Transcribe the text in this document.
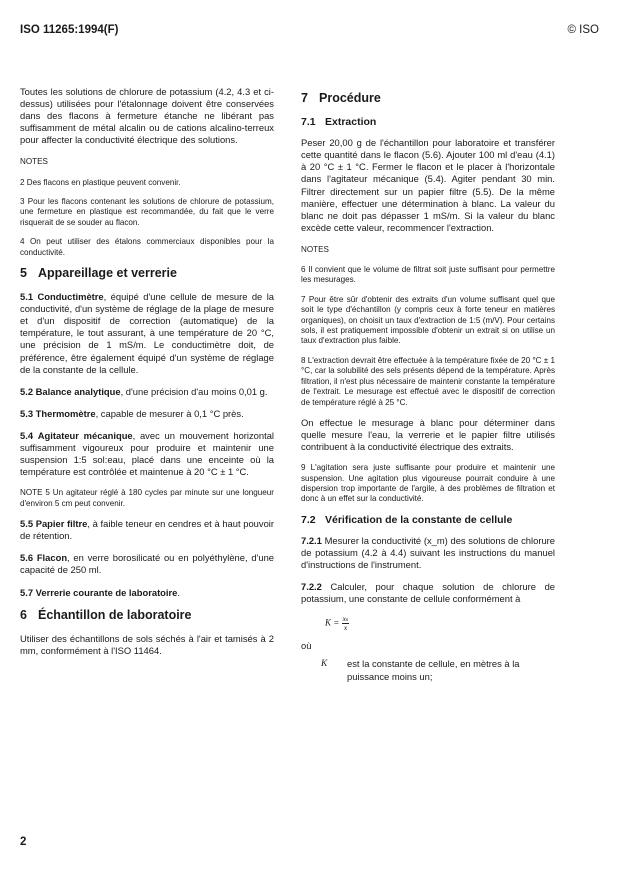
ISO 11265:1994(F)	© ISO

Toutes les solutions de chlorure de potassium (4.2, 4.3 et ci-dessus) utilisées pour l'étalonnage doivent être conservées dans des flacons à fermeture étanche ne libérant pas suffisamment de métal alcalin ou de cations alcalino-terreux pour affecter la conductivité électrique des solutions.

NOTES

2 Des flacons en plastique peuvent convenir.

3 Pour les flacons contenant les solutions de chlorure de potassium, une fermeture en plastique est recommandée, du fait que le verre risquerait de se souder au flacon.

4 On peut utiliser des étalons commerciaux disponibles pour la conductivité.

5 Appareillage et verrerie

5.1 Conductimètre, équipé d'une cellule de mesure de la conductivité, d'un système de réglage de la plage de mesure et d'un dispositif de correction (automatique) de la température, le tout assurant, à une température de 20 °C, une précision de 1 mS/m. Le conductimètre doit, de préférence, être également équipé d'un système de réglage de la constante de la cellule.

5.2 Balance analytique, d'une précision d'au moins 0,01 g.

5.3 Thermomètre, capable de mesurer à 0,1 °C près.

5.4 Agitateur mécanique, avec un mouvement horizontal suffisamment vigoureux pour produire et maintenir une suspension 1:5 sol:eau, placé dans une enceinte où la température est contrôlée et maintenue à 20 °C ± 1 °C.

NOTE 5 Un agitateur réglé à 180 cycles par minute sur une longueur d'environ 5 cm peut convenir.

5.5 Papier filtre, à faible teneur en cendres et à haut pouvoir de rétention.

5.6 Flacon, en verre borosilicaté ou en polyéthylène, d'une capacité de 250 ml.

5.7 Verrerie courante de laboratoire.

6 Échantillon de laboratoire

Utiliser des échantillons de sols séchés à l'air et tamisés à 2 mm, conformément à l'ISO 11464.

7 Procédure
7.1 Extraction

Peser 20,00 g de l'échantillon pour laboratoire et transférer cette quantité dans le flacon (5.6). Ajouter 100 ml d'eau (4.1) à 20 °C ± 1 °C. Fermer le flacon et le placer à l'horizontale dans l'agitateur mécanique (5.4). Agiter pendant 30 min. Filtrer directement sur un papier filtre (5.5). De la même manière, effectuer une détermination à blanc. La valeur du blanc ne doit pas dépasser 1 mS/m. Si la valeur du blanc excède cette valeur, recommencer l'extraction.

NOTES

6 Il convient que le volume de filtrat soit juste suffisant pour permettre les mesurages.

7 Pour être sûr d'obtenir des extraits d'un volume suffisant quel que soit le type d'échantillon (y compris ceux à forte teneur en matières organiques), on choisit un taux d'extraction de 1:5 (m/V). Pour certains sols, il est pratiquement impossible d'obtenir un extrait si on utilise un taux d'extraction plus faible.

8 L'extraction devrait être effectuée à la température fixée de 20 °C ± 1 °C, car la solubilité des sels présents dépend de la température. Après filtration, il n'est plus nécessaire de maintenir constante la température de l'extrait. Le mesurage est effectué avec le dispositif de correction de température réglé à 25 °C.

On effectue le mesurage à blanc pour déterminer dans quelle mesure l'eau, la verrerie et le papier filtre utilisés contribuent à la conductivité électrique des extraits.

9 L'agitation sera juste suffisante pour produire et maintenir une suspension. Une agitation plus vigoureuse pourrait conduire à une dispersion trop importante de l'argile, à des problèmes de filtration et donc à un effet sur la conductivité.

7.2 Vérification de la constante de cellule

7.2.1 Mesurer la conductivité (x_m) des solutions de chlorure de potassium (4.2 à 4.4) suivant les instructions du manuel d'instructions de l'instrument.

7.2.2 Calculer, pour chaque solution de chlorure de potassium, une constante de cellule conformément à

$K = \frac{\text{xₛ}}{x}$
où
K	est la constante de cellule, en mètres à la puissance moins un;
2
